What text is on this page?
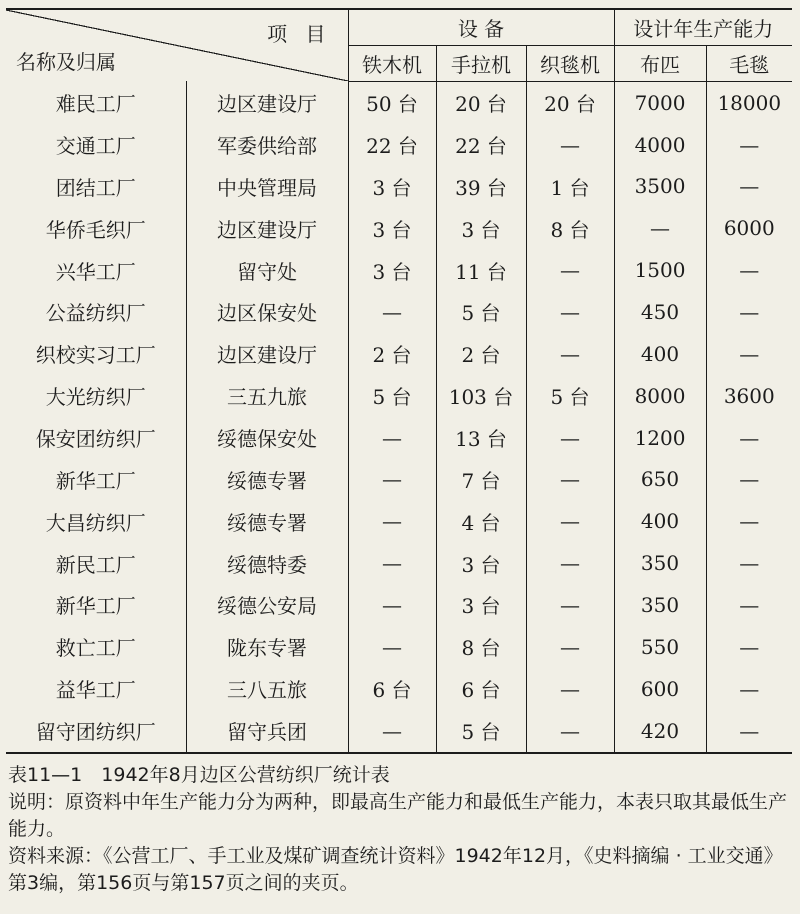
项 目
名称及归属		设 备			设计年生产能力	
		铁木机	手拉机	织毯机	布匹	毛毯
难民工厂	边区建设厅	50 台	20 台	20 台	7000	18000
交通工厂	军委供给部	22 台	22 台	—	4000	—
团结工厂	中央管理局	3 台	39 台	1 台	3500	—
华侨毛织厂	边区建设厅	3 台	3 台	8 台	—	6000
兴华工厂	留守处	3 台	11 台	—	1500	—
公益纺织厂	边区保安处	—	5 台	—	450	—
织校实习工厂	边区建设厅	2 台	2 台	—	400	—
大光纺织厂	三五九旅	5 台	103 台	5 台	8000	3600
保安团纺织厂	绥德保安处	—	13 台	—	1200	—
新华工厂	绥德专署	—	7 台	—	650	—
大昌纺织厂	绥德专署	—	4 台	—	400	—
新民工厂	绥德特委	—	3 台	—	350	—
新华工厂	绥德公安局	—	3 台	—	350	—
救亡工厂	陇东专署	—	8 台	—	550	—
益华工厂	三八五旅	6 台	6 台	—	600	—
留守团纺织厂	留守兵团	—	5 台	—	420	—

表11—1　1942年8月边区公营纺织厂统计表

说明：原资料中年生产能力分为两种，即最高生产能力和最低生产能力，本表只取其最低生产能力。

资料来源：《公营工厂、手工业及煤矿调查统计资料》1942年12月，《史料摘编 · 工业交通》第3编，第156页与第157页之间的夹页。
